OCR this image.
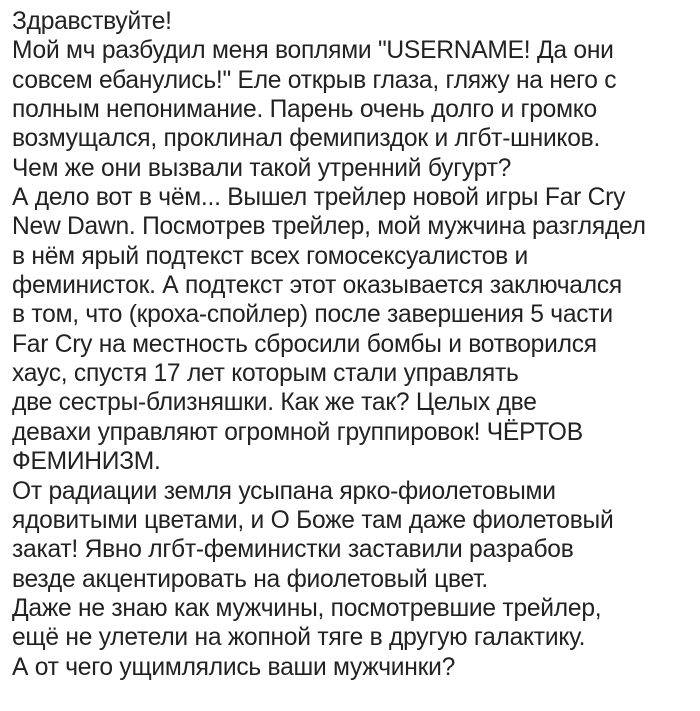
Здравствуйте!
Мой мч разбудил меня воплями "USERNAME! Да они
совсем ебанулись!" Еле открыв глаза, гляжу на него с
полным непонимание. Парень очень долго и громко
возмущался, проклинал фемипиздок и лгбт-шников.
Чем же они вызвали такой утренний бугурт?
А дело вот в чём... Вышел трейлер новой игры Far Cry
New Dawn. Посмотрев трейлер, мой мужчина разглядел
в нём ярый подтекст всех гомосексуалистов и
феминисток. А подтекст этот оказывается заключался
в том, что (кроха-спойлер) после завершения 5 части
Far Cry на местность сбросили бомбы и вотворился
хаус, спустя 17 лет которым стали управлять
две сестры-близняшки. Как же так? Целых две
девахи управляют огромной группировок! ЧЁРТОВ
ФЕМИНИЗМ.
От радиации земля усыпана ярко-фиолетовыми
ядовитыми цветами, и О Боже там даже фиолетовый
закат! Явно лгбт-феминистки заставили разрабов
везде акцентировать на фиолетовый цвет.
Даже не знаю как мужчины, посмотревшие трейлер,
ещё не улетели на жопной тяге в другую галактику.
А от чего ущимлялись ваши мужчинки?
